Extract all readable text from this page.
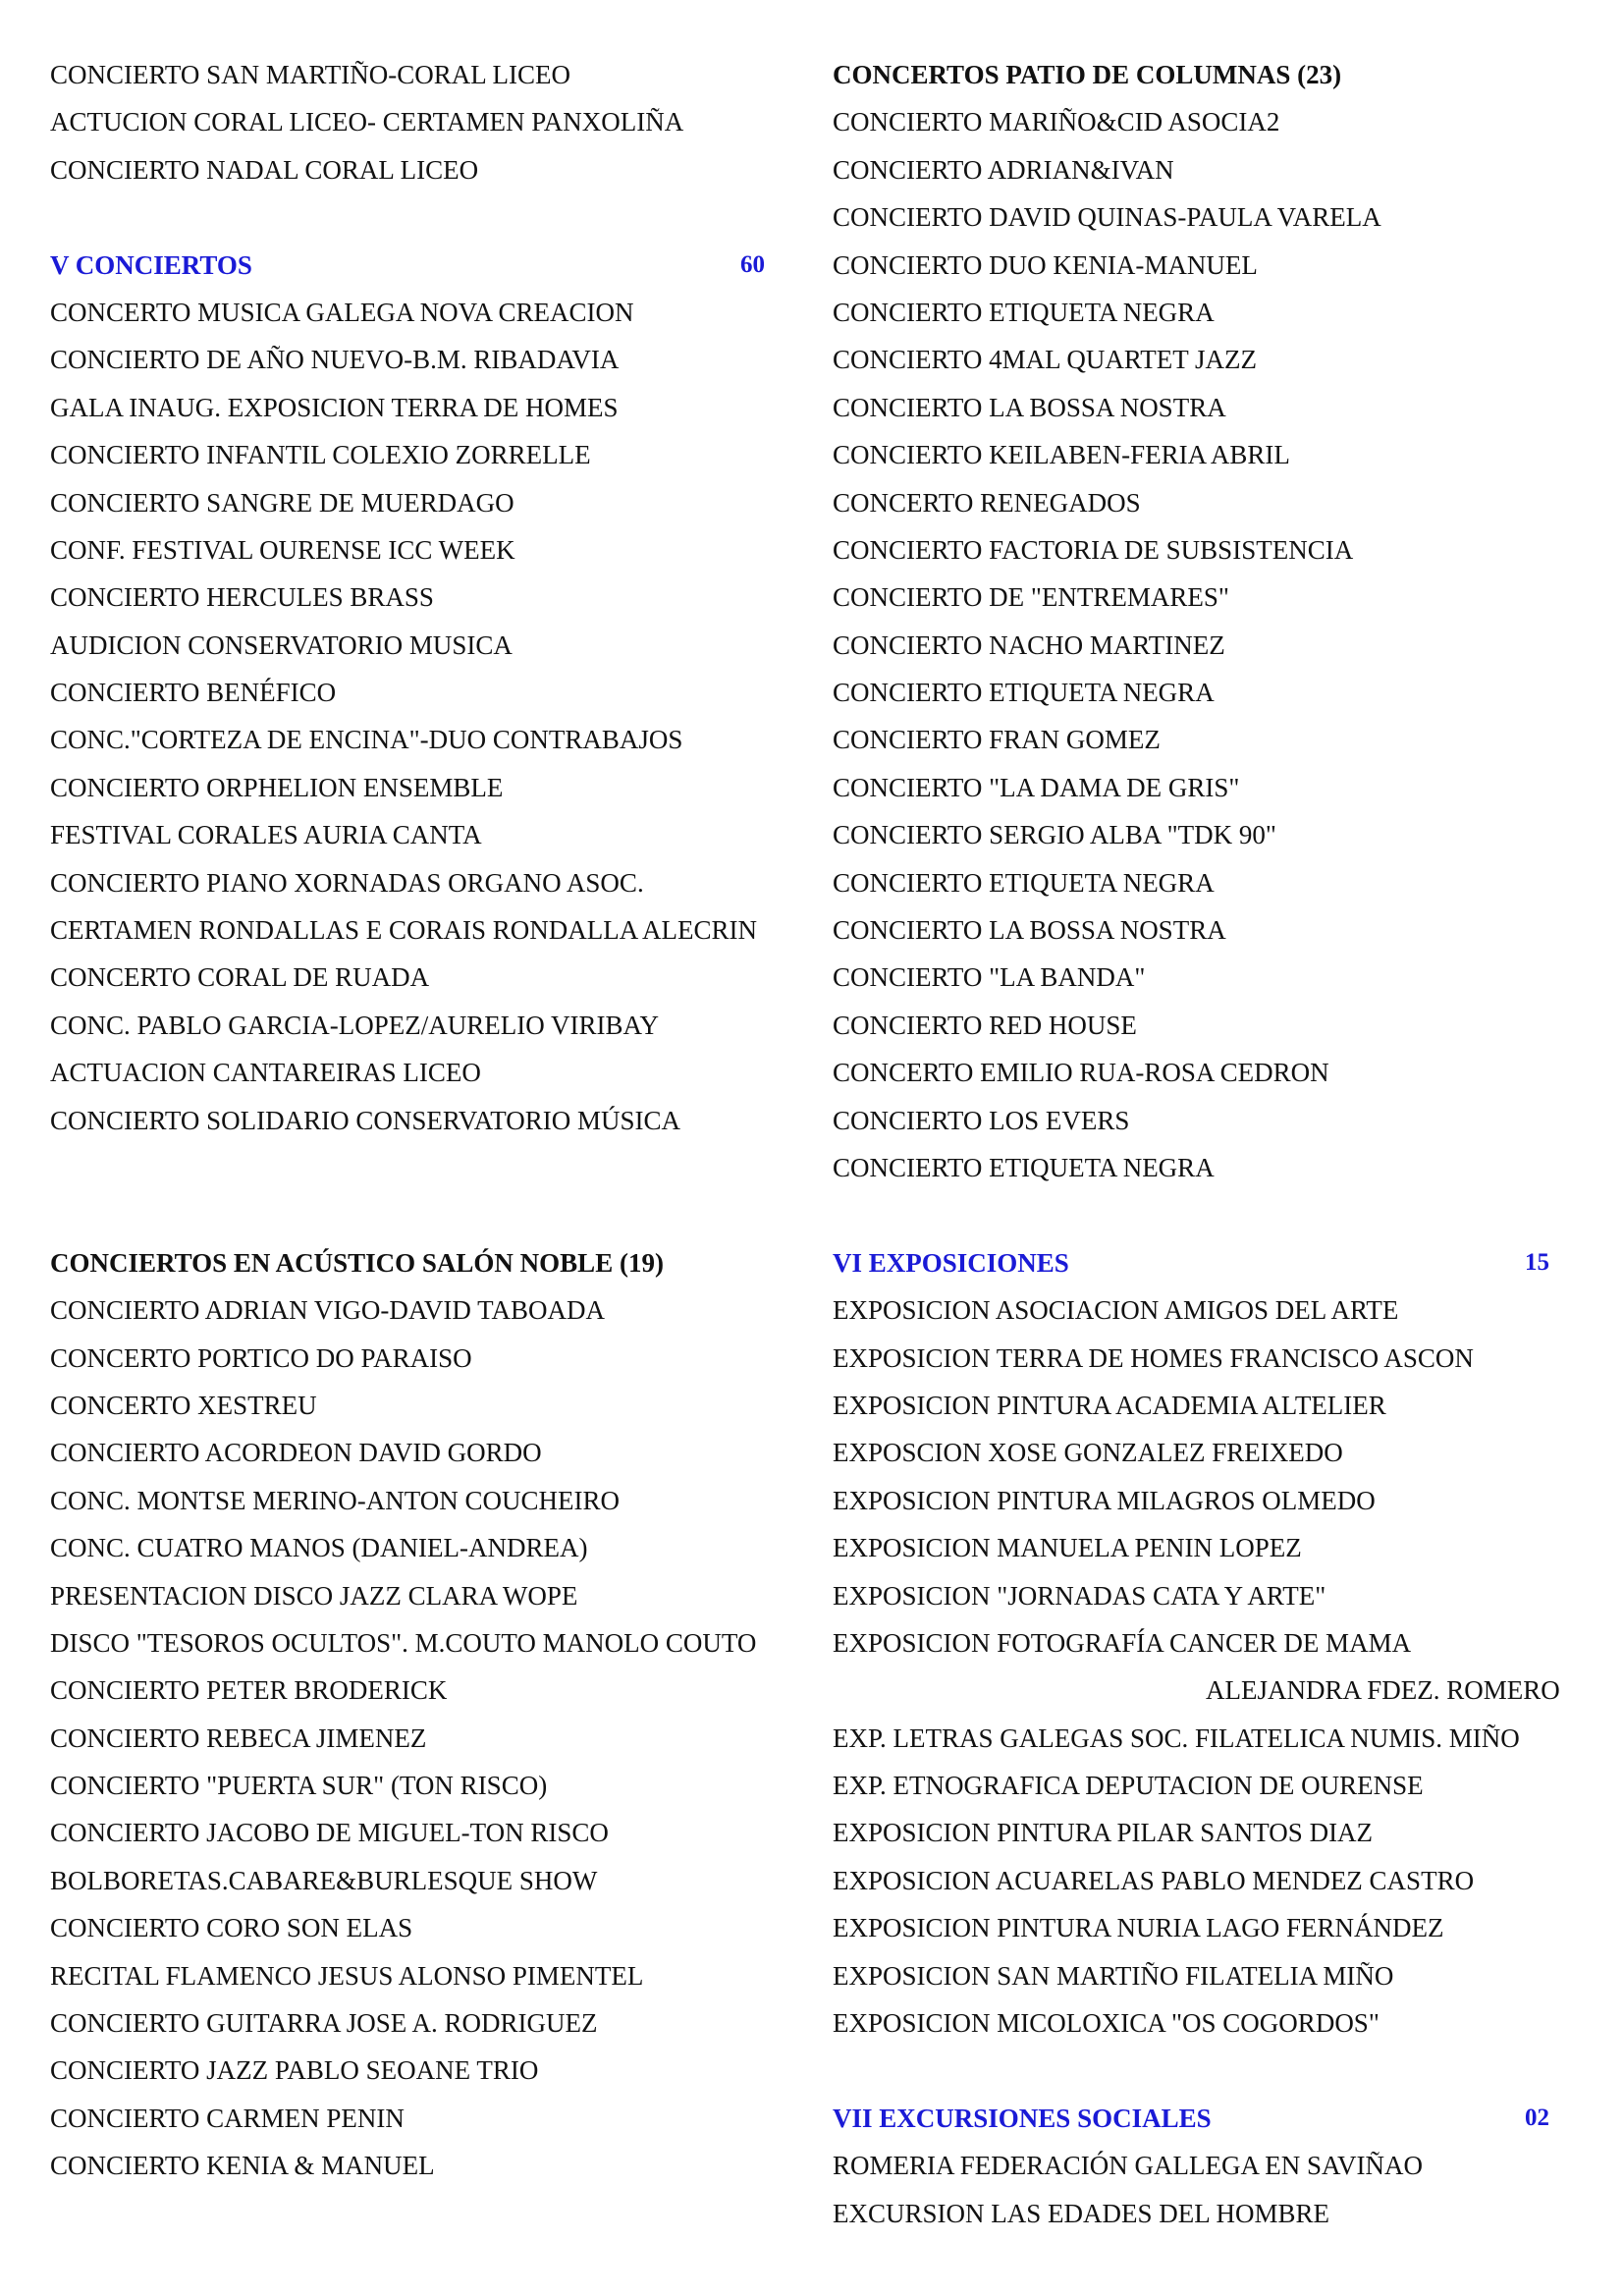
CONCIERTO SAN MARTIÑO-CORAL LICEO
ACTUCION CORAL LICEO- CERTAMEN PANXOLIÑA
CONCIERTO NADAL CORAL LICEO
V CONCIERTOS	60
CONCERTO MUSICA GALEGA NOVA CREACION
CONCIERTO DE AÑO NUEVO-B.M. RIBADAVIA
GALA INAUG. EXPOSICION TERRA DE HOMES
CONCIERTO INFANTIL COLEXIO ZORRELLE
CONCIERTO SANGRE DE MUERDAGO
CONF. FESTIVAL OURENSE ICC WEEK
CONCIERTO HERCULES BRASS
AUDICION CONSERVATORIO MUSICA
CONCIERTO BENÉFICO
CONC."CORTEZA DE ENCINA"-DUO CONTRABAJOS
CONCIERTO ORPHELION ENSEMBLE
FESTIVAL CORALES AURIA CANTA
CONCIERTO PIANO XORNADAS ORGANO ASOC.
CERTAMEN RONDALLAS E CORAIS RONDALLA ALECRIN
CONCERTO CORAL DE RUADA
CONC. PABLO GARCIA-LOPEZ/AURELIO VIRIBAY
ACTUACION CANTAREIRAS LICEO
CONCIERTO SOLIDARIO CONSERVATORIO MÚSICA
CONCIERTOS EN ACÚSTICO SALÓN NOBLE (19)
CONCIERTO ADRIAN VIGO-DAVID TABOADA
CONCERTO PORTICO DO PARAISO
CONCERTO XESTREU
CONCIERTO ACORDEON DAVID GORDO
CONC. MONTSE MERINO-ANTON COUCHEIRO
CONC. CUATRO MANOS (DANIEL-ANDREA)
PRESENTACION DISCO JAZZ CLARA WOPE
DISCO "TESOROS OCULTOS". M.COUTO MANOLO COUTO
CONCIERTO PETER BRODERICK
CONCIERTO REBECA JIMENEZ
CONCIERTO "PUERTA SUR" (TON RISCO)
CONCIERTO JACOBO DE MIGUEL-TON RISCO
BOLBORETAS.CABARE&BURLESQUE SHOW
CONCIERTO CORO SON ELAS
RECITAL FLAMENCO JESUS ALONSO PIMENTEL
CONCIERTO GUITARRA JOSE A. RODRIGUEZ
CONCIERTO JAZZ PABLO SEOANE TRIO
CONCIERTO CARMEN PENIN
CONCIERTO KENIA & MANUEL
CONCERTOS PATIO DE COLUMNAS (23)
CONCIERTO MARIÑO&CID ASOCIA2
CONCIERTO ADRIAN&IVAN
CONCIERTO DAVID QUINAS-PAULA VARELA
CONCIERTO DUO KENIA-MANUEL
CONCIERTO ETIQUETA NEGRA
CONCIERTO 4MAL QUARTET JAZZ
CONCIERTO LA BOSSA NOSTRA
CONCIERTO KEILABEN-FERIA ABRIL
CONCERTO RENEGADOS
CONCIERTO FACTORIA DE SUBSISTENCIA
CONCIERTO DE "ENTREMARES"
CONCIERTO NACHO MARTINEZ
CONCIERTO ETIQUETA NEGRA
CONCIERTO FRAN GOMEZ
CONCIERTO "LA DAMA DE GRIS"
CONCIERTO SERGIO ALBA "TDK 90"
CONCIERTO ETIQUETA NEGRA
CONCIERTO LA BOSSA NOSTRA
CONCIERTO "LA BANDA"
CONCIERTO RED HOUSE
CONCERTO EMILIO RUA-ROSA CEDRON
CONCIERTO LOS EVERS
CONCIERTO ETIQUETA NEGRA
VI EXPOSICIONES	15
EXPOSICION ASOCIACION AMIGOS DEL ARTE
EXPOSICION TERRA DE HOMES FRANCISCO ASCON
EXPOSICION PINTURA ACADEMIA ALTELIER
EXPOSCION XOSE GONZALEZ FREIXEDO
EXPOSICION PINTURA MILAGROS OLMEDO
EXPOSICION MANUELA PENIN LOPEZ
EXPOSICION "JORNADAS CATA Y ARTE"
EXPOSICION FOTOGRAFÍA CANCER DE MAMA
ALEJANDRA FDEZ. ROMERO
EXP. LETRAS GALEGAS SOC. FILATELICA NUMIS. MIÑO
EXP. ETNOGRAFICA DEPUTACION DE OURENSE
EXPOSICION PINTURA PILAR SANTOS DIAZ
EXPOSICION ACUARELAS PABLO MENDEZ CASTRO
EXPOSICION PINTURA NURIA LAGO FERNÁNDEZ
EXPOSICION SAN MARTIÑO FILATELIA MIÑO
EXPOSICION MICOLOXICA "OS COGORDOS"
VII EXCURSIONES SOCIALES	02
ROMERIA FEDERACIÓN GALLEGA EN SAVIÑAO
EXCURSION LAS EDADES DEL HOMBRE
